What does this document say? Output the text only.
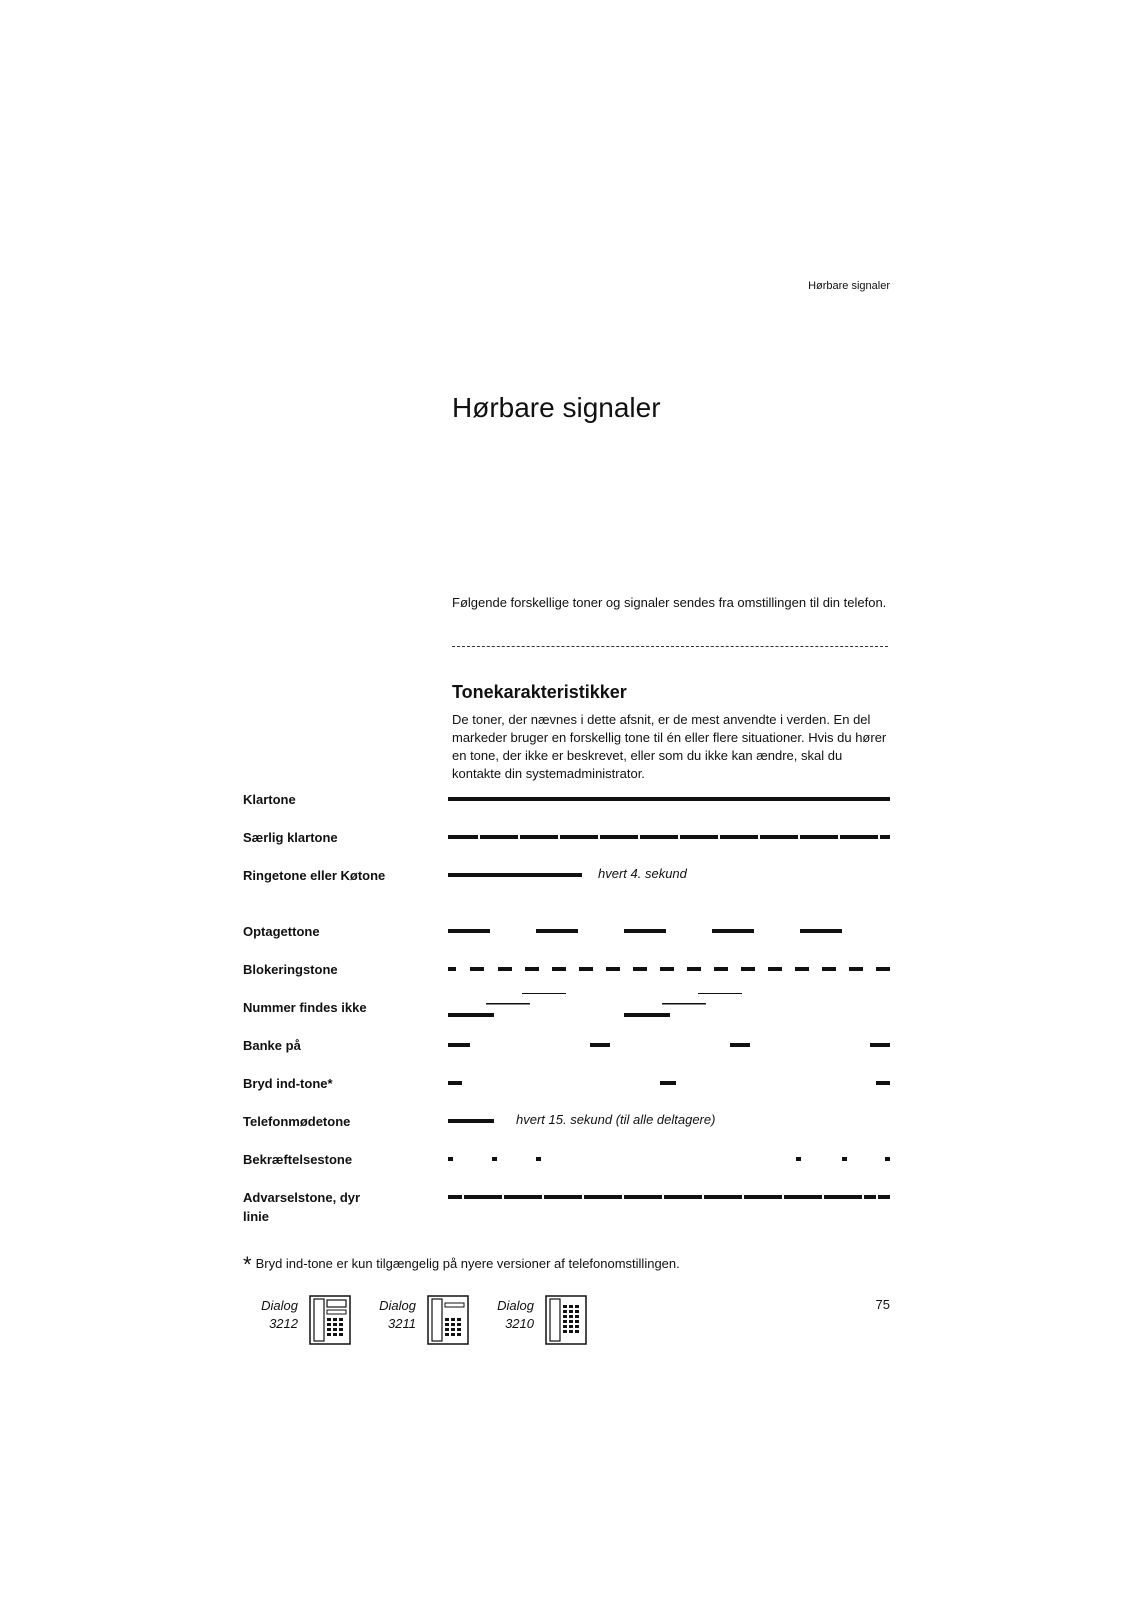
Hørbare signaler
Hørbare signaler
Følgende forskellige toner og signaler sendes fra omstillingen til din telefon.
Tonekarakteristikker
De toner, der nævnes i dette afsnit, er de mest anvendte i verden. En del markeder bruger en forskellig tone til én eller flere situationer. Hvis du hører en tone, der ikke er beskrevet, eller som du ikke kan ændre, skal du kontakte din systemadministrator.
Klartone
Særlig klartone
Ringetone eller Køtone	hvert 4. sekund
Optagettone
Blokeringstone
Nummer findes ikke
Banke på
Bryd ind-tone*
Telefonmødetone	hvert 15. sekund (til alle deltagere)
Bekræftelsestone
Advarselstone, dyr linie
* Bryd ind-tone er kun tilgængelig på nyere versioner af telefonomstillingen.
75
Dialog
3212
Dialog
3211
Dialog
3210
